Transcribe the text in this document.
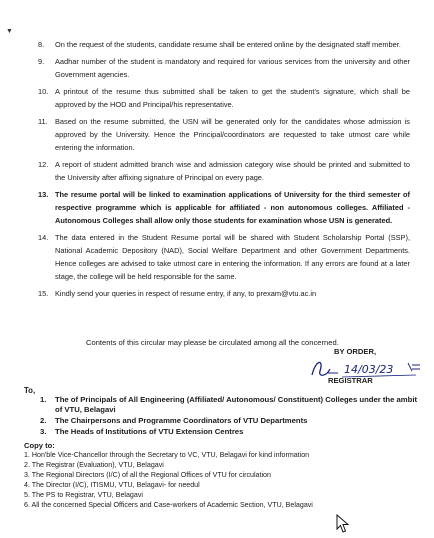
▼
8.	On the request of the students, candidate resume shall be entered online by the designated staff member.
9.	Aadhar number of the student is mandatory and required for various services from the university and other Government agencies.
10. A printout of the resume thus submitted shall be taken to get the student's signature, which shall be approved by the HOD and Principal/his representative.
11. Based on the resume submitted, the USN will be generated only for the candidates whose admission is approved by the University. Hence the Principal/coordinators are requested to take utmost care while entering the information.
12. A report of student admitted branch wise and admission category wise should be printed and submitted to the University after affixing signature of Principal on every page.
13. The resume portal will be linked to examination applications of University for the third semester of respective programme which is applicable for affiliated - non autonomous colleges. Affiliated -Autonomous Colleges shall allow only those students for examination whose USN is generated.
14. The data entered in the Student Resume portal will be shared with Student Scholarship Portal (SSP), National Academic Depository (NAD), Social Welfare Department and other Government Departments. Hence colleges are advised to take utmost care in entering the information. If any errors are found at a later stage, the college will be held responsible for the same.
15. Kindly send your queries in respect of resume entry, if any, to prexam@vtu.ac.in
Contents of this circular may please be circulated among all the concerned.
BY ORDER,
14/03/23
REGISTRAR
To,
1.	The of Principals of All Engineering (Affiliated/ Autonomous/ Constituent) Colleges under the ambit of VTU, Belagavi
2.	The Chairpersons and Programme Coordinators of VTU Departments
3.	The Heads of Institutions of VTU Extension Centres
Copy to:
1. Hon'ble Vice-Chancellor through the Secretary to VC, VTU, Belagavi for kind information
2. The Registrar (Evaluation), VTU, Belagavi
3. The Regional Directors (I/C) of all the Regional Offices of VTU for circulation
4. The Director (I/C), ITISMU, VTU, Belagavi- for needul
5. The PS to Registrar, VTU, Belagavi
6. All the concerned Special Officers and Case-workers of Academic Section, VTU, Belagavi
